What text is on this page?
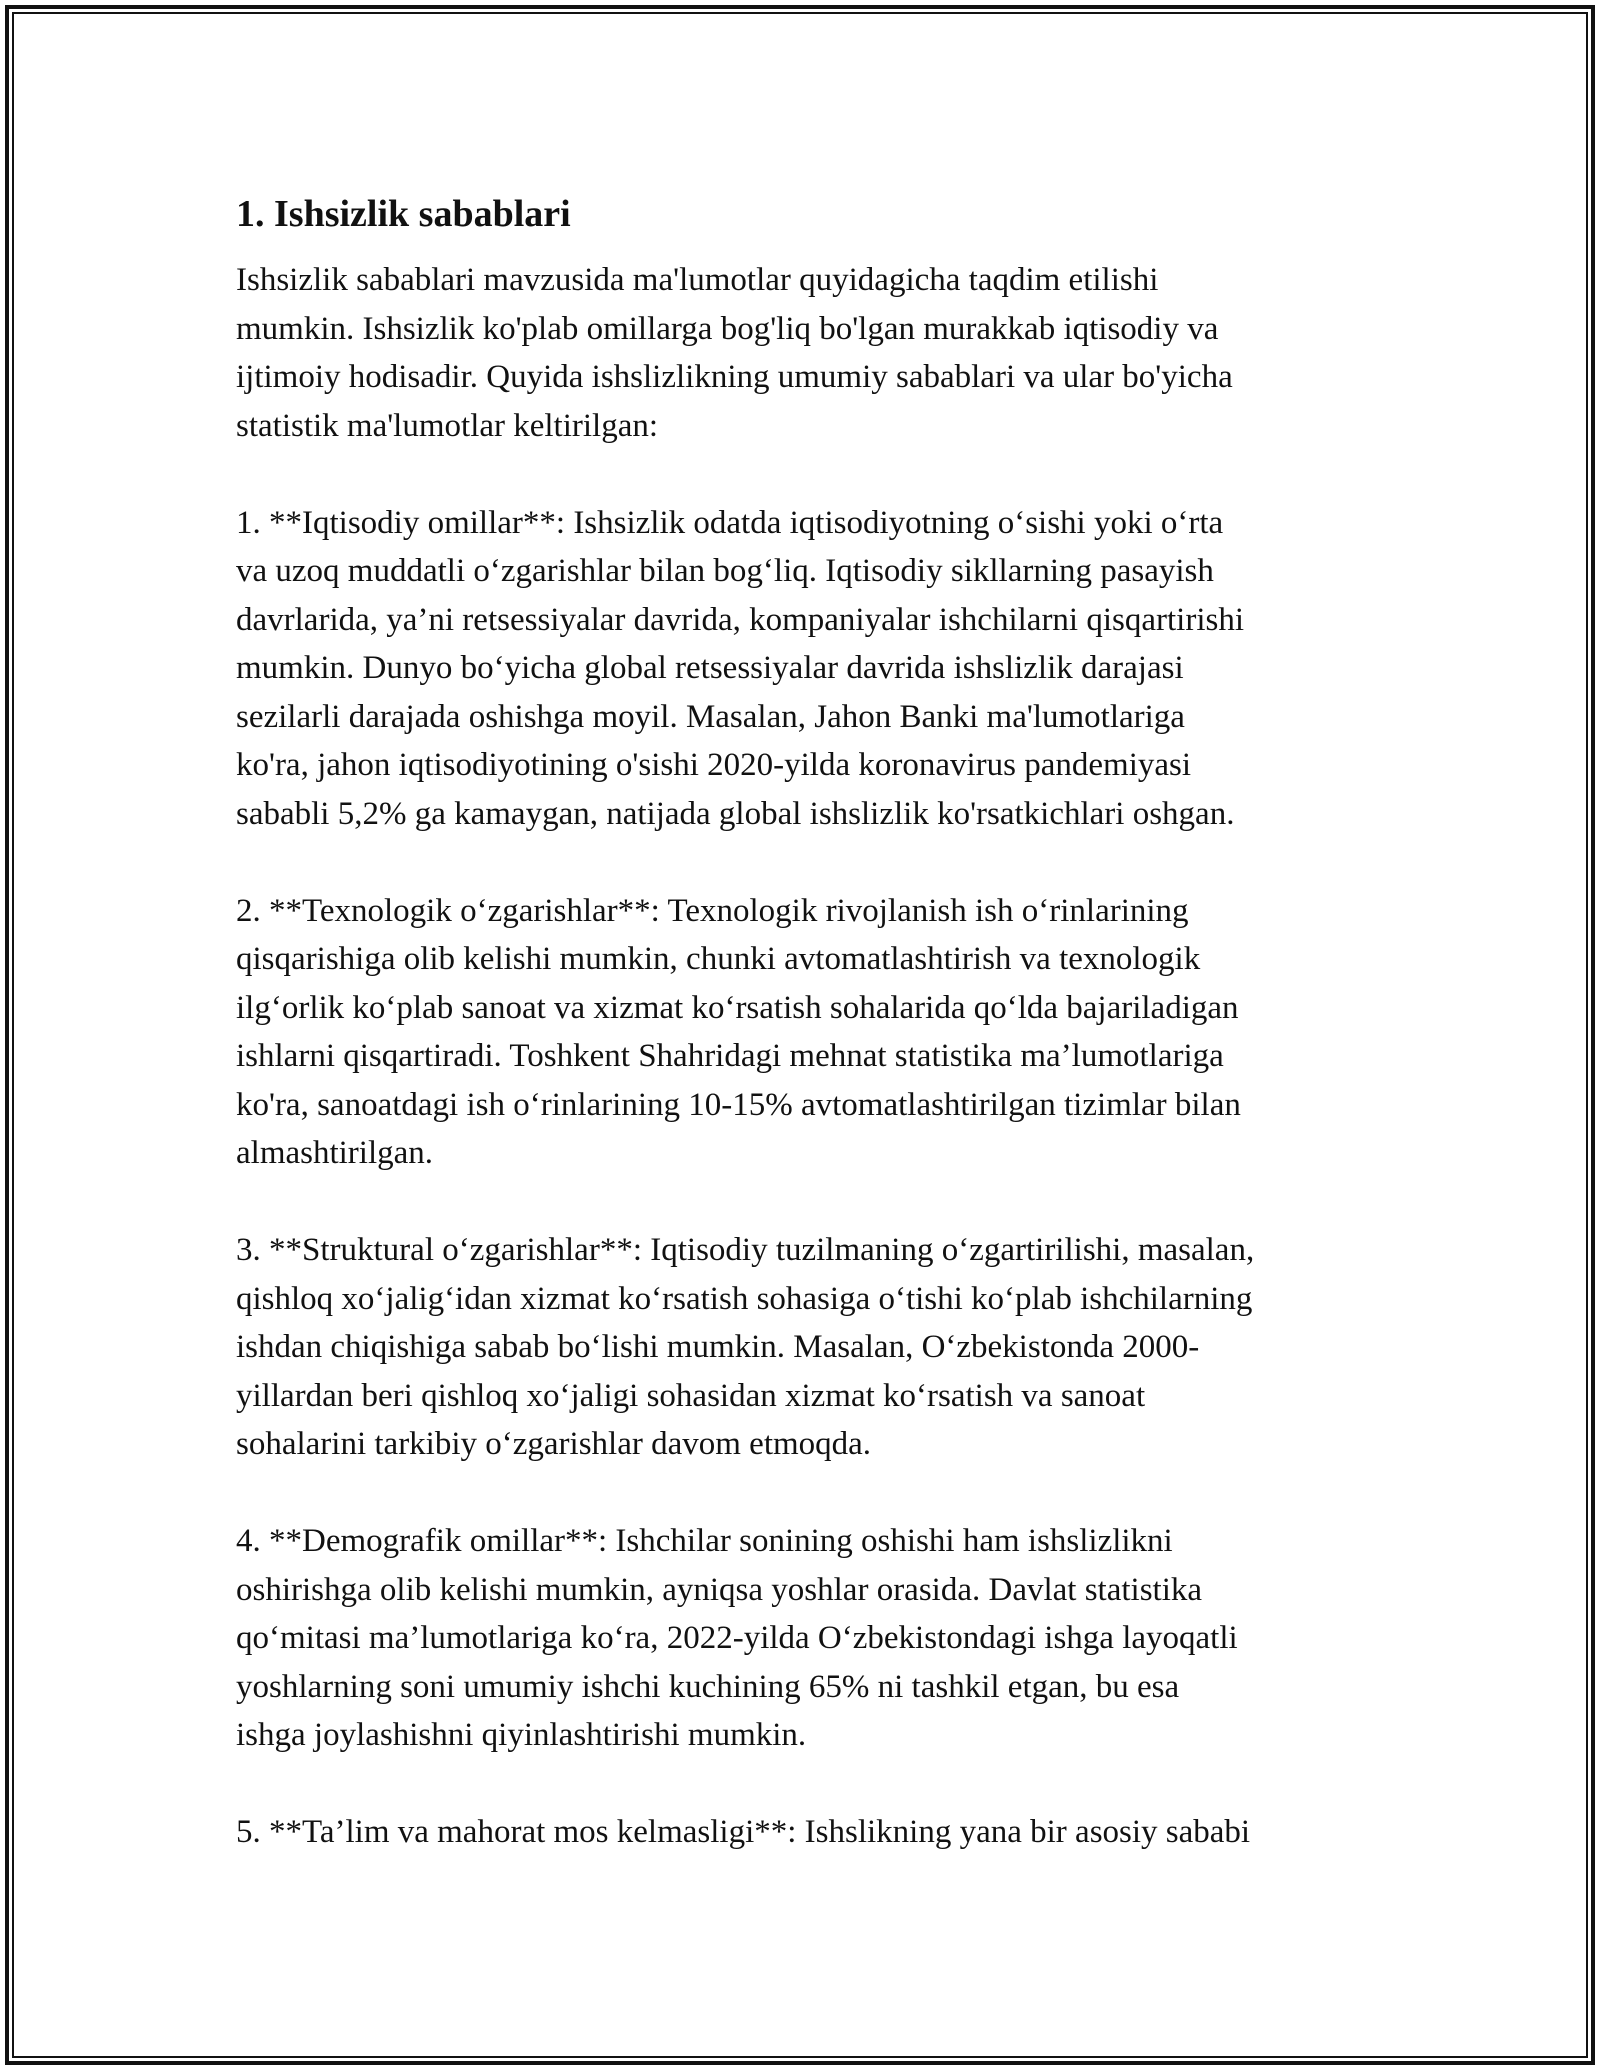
1. Ishsizlik sabablari

Ishsizlik sabablari mavzusida ma'lumotlar quyidagicha taqdim etilishi
mumkin. Ishsizlik ko'plab omillarga bog'liq bo'lgan murakkab iqtisodiy va
ijtimoiy hodisadir. Quyida ishslizlikning umumiy sabablari va ular bo'yicha
statistik ma'lumotlar keltirilgan:

1. **Iqtisodiy omillar**: Ishsizlik odatda iqtisodiyotning o‘sishi yoki o‘rta
va uzoq muddatli o‘zgarishlar bilan bog‘liq. Iqtisodiy sikllarning pasayish
davrlarida, ya’ni retsessiyalar davrida, kompaniyalar ishchilarni qisqartirishi
mumkin. Dunyo bo‘yicha global retsessiyalar davrida ishslizlik darajasi
sezilarli darajada oshishga moyil. Masalan, Jahon Banki ma'lumotlariga
ko'ra, jahon iqtisodiyotining o'sishi 2020-yilda koronavirus pandemiyasi
sababli 5,2% ga kamaygan, natijada global ishslizlik ko'rsatkichlari oshgan.

2. **Texnologik o‘zgarishlar**: Texnologik rivojlanish ish o‘rinlarining
qisqarishiga olib kelishi mumkin, chunki avtomatlashtirish va texnologik
ilg‘orlik ko‘plab sanoat va xizmat ko‘rsatish sohalarida qo‘lda bajariladigan
ishlarni qisqartiradi. Toshkent Shahridagi mehnat statistika ma’lumotlariga
ko'ra, sanoatdagi ish o‘rinlarining 10-15% avtomatlashtirilgan tizimlar bilan
almashtirilgan.

3. **Struktural o‘zgarishlar**: Iqtisodiy tuzilmaning o‘zgartirilishi, masalan,
qishloq xo‘jalig‘idan xizmat ko‘rsatish sohasiga o‘tishi ko‘plab ishchilarning
ishdan chiqishiga sabab bo‘lishi mumkin. Masalan, O‘zbekistonda 2000-
yillardan beri qishloq xo‘jaligi sohasidan xizmat ko‘rsatish va sanoat
sohalarini tarkibiy o‘zgarishlar davom etmoqda.

4. **Demografik omillar**: Ishchilar sonining oshishi ham ishslizlikni
oshirishga olib kelishi mumkin, ayniqsa yoshlar orasida. Davlat statistika
qo‘mitasi ma’lumotlariga ko‘ra, 2022-yilda O‘zbekistondagi ishga layoqatli
yoshlarning soni umumiy ishchi kuchining 65% ni tashkil etgan, bu esa
ishga joylashishni qiyinlashtirishi mumkin.

5. **Ta’lim va mahorat mos kelmasligi**: Ishslikning yana bir asosiy sababi
